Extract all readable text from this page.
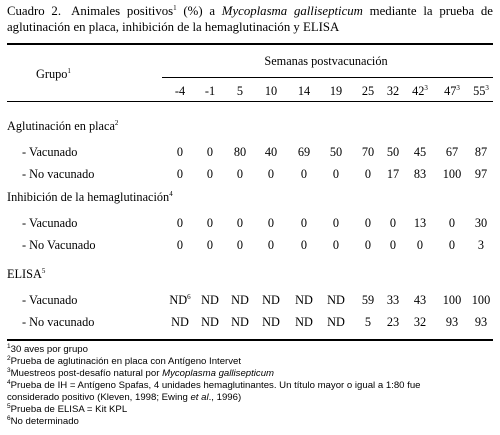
Cuadro 2. Animales positivos$^1$ (%) a Mycoplasma gallisepticum mediante la prueba de aglutinación en placa, inhibición de la hemaglutinación y ELISA
Grupo$^1$
Semanas postvacunación
-4 -1 5 10 14 19 25 32 $42^3$ $47^3$ $55^3$
Aglutinación en placa$^2$
- Vacunado	0 0 80 40 69 50 70 50 45 67 87
- No vacunado	0 0 0 0 0 0 0 17 83 100 97
Inhibición de la hemaglutinación$^4$
- Vacunado	0 0 0 0 0 0 0 0 13 0 30
- No Vacunado	0 0 0 0 0 0 0 0 0 0 3
ELISA$^5$
- Vacunado	$ND^6$ ND ND ND ND ND 59 33 43 100 100
- No vacunado	ND ND ND ND ND ND 5 23 32 93 93
$^1$30 aves por grupo
$^2$Prueba de aglutinación en placa con Antígeno Intervet
$^3$Muestreos post-desafío natural por Mycoplasma gallisepticum
$^4$Prueba de IH = Antígeno Spafas, 4 unidades hemaglutinantes. Un título mayor o igual a 1:80 fue
considerado positivo (Kleven, 1998; Ewing et al., 1996)
$^5$Prueba de ELISA = Kit KPL
$^6$No determinado
